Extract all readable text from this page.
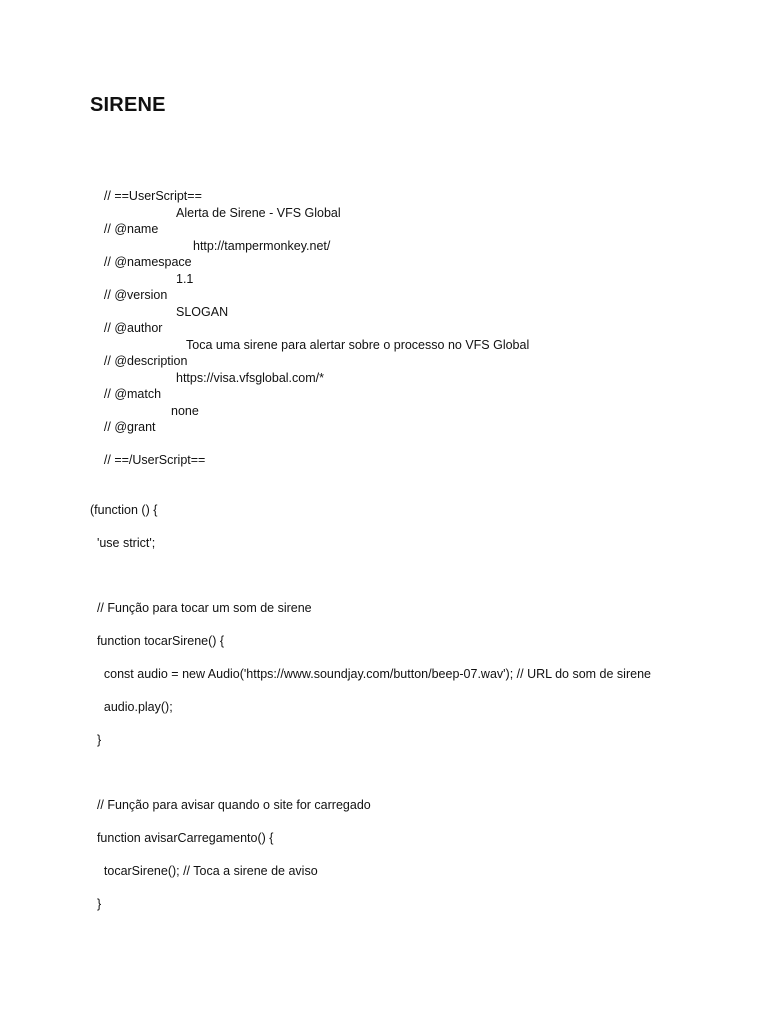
SIRENE

// ==UserScript==

// @name

Alerta de Sirene - VFS Global

// @namespace

http://tampermonkey.net/

// @version

1.1

// @author

SLOGAN

// @description

Toca uma sirene para alertar sobre o processo no VFS Global

// @match

https://visa.vfsglobal.com/*

// @grant

none

// ==/UserScript==

(function () {
'use strict';
// Função para tocar um som de sirene
function tocarSirene() {
const audio = new Audio('https://www.soundjay.com/button/beep-07.wav'); // URL do som de sirene
audio.play();
}
// Função para avisar quando o site for carregado
function avisarCarregamento() {
tocarSirene(); // Toca a sirene de aviso
}
